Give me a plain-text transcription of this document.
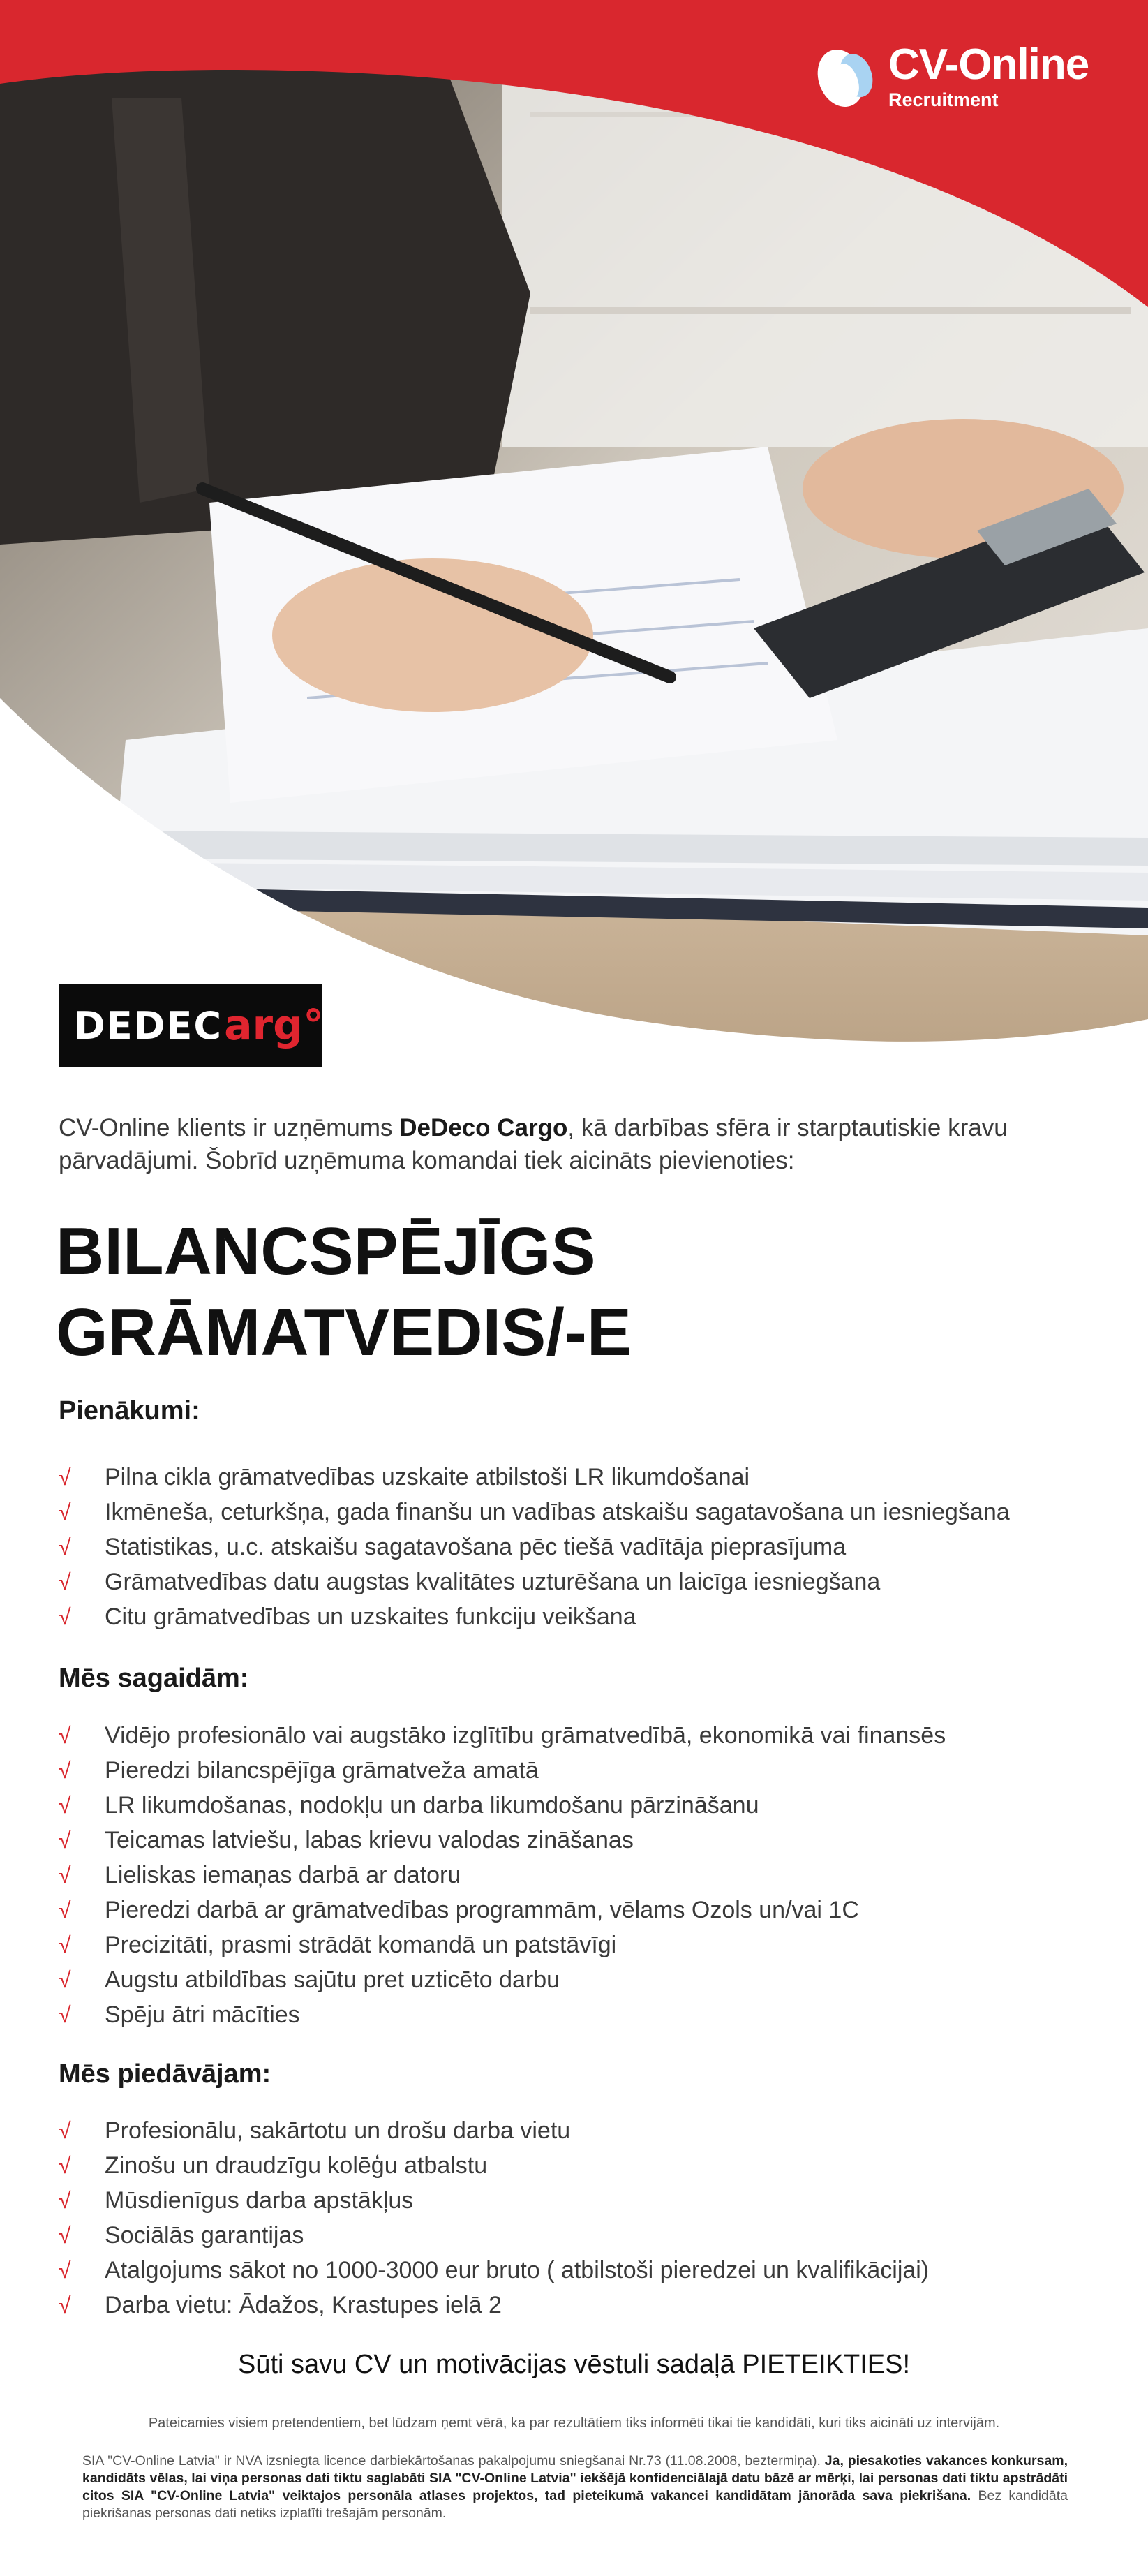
CV-Online
Recruitment
DEDEC arg°
CV-Online klients ir uzņēmums DeDeco Cargo, kā darbības sfēra ir starptautiskie kravu pārvadājumi. Šobrīd uzņēmuma komandai tiek aicināts pievienoties:
BILANCSPĒJĪGS
GRĀMATVEDIS/-E
Pienākumi:
√ Pilna cikla grāmatvedības uzskaite atbilstoši LR likumdošanai
√ Ikmēneša, ceturkšņa, gada finanšu un vadības atskaišu sagatavošana un iesniegšana
√ Statistikas, u.c. atskaišu sagatavošana pēc tiešā vadītāja pieprasījuma
√ Grāmatvedības datu augstas kvalitātes uzturēšana un laicīga iesniegšana
√ Citu grāmatvedības un uzskaites funkciju veikšana
Mēs sagaidām:
√ Vidējo profesionālo vai augstāko izglītību grāmatvedībā, ekonomikā vai finansēs
√ Pieredzi bilancspējīga grāmatveža amatā
√ LR likumdošanas, nodokļu un darba likumdošanu pārzināšanu
√ Teicamas latviešu, labas krievu valodas zināšanas
√ Lieliskas iemaņas darbā ar datoru
√ Pieredzi darbā ar grāmatvedības programmām, vēlams Ozols un/vai 1C
√ Precizitāti, prasmi strādāt komandā un patstāvīgi
√ Augstu atbildības sajūtu pret uzticēto darbu
√ Spēju ātri mācīties
Mēs piedāvājam:
√ Profesionālu, sakārtotu un drošu darba vietu
√ Zinošu un draudzīgu kolēģu atbalstu
√ Mūsdienīgus darba apstākļus
√ Sociālās garantijas
√ Atalgojums sākot no 1000-3000 eur bruto ( atbilstoši pieredzei un kvalifikācijai)
√ Darba vietu: Ādažos, Krastupes ielā 2
Sūti savu CV un motivācijas vēstuli sadaļā PIETEIKTIES!
Pateicamies visiem pretendentiem, bet lūdzam ņemt vērā, ka par rezultātiem tiks informēti tikai tie kandidāti, kuri tiks aicināti uz intervijām.
SIA "CV-Online Latvia" ir NVA izsniegta licence darbiekārtošanas pakalpojumu sniegšanai Nr.73 (11.08.2008, beztermiņa). Ja, piesakoties vakances konkursam, kandidāts vēlas, lai viņa personas dati tiktu saglabāti SIA "CV-Online Latvia" iekšējā konfidenciālajā datu bāzē ar mērķi, lai personas dati tiktu apstrādāti citos SIA "CV-Online Latvia" veiktajos personāla atlases projektos, tad pieteikumā vakancei kandidātam jānorāda sava piekrišana. Bez kandidāta piekrišanas personas dati netiks izplatīti trešajām personām.
